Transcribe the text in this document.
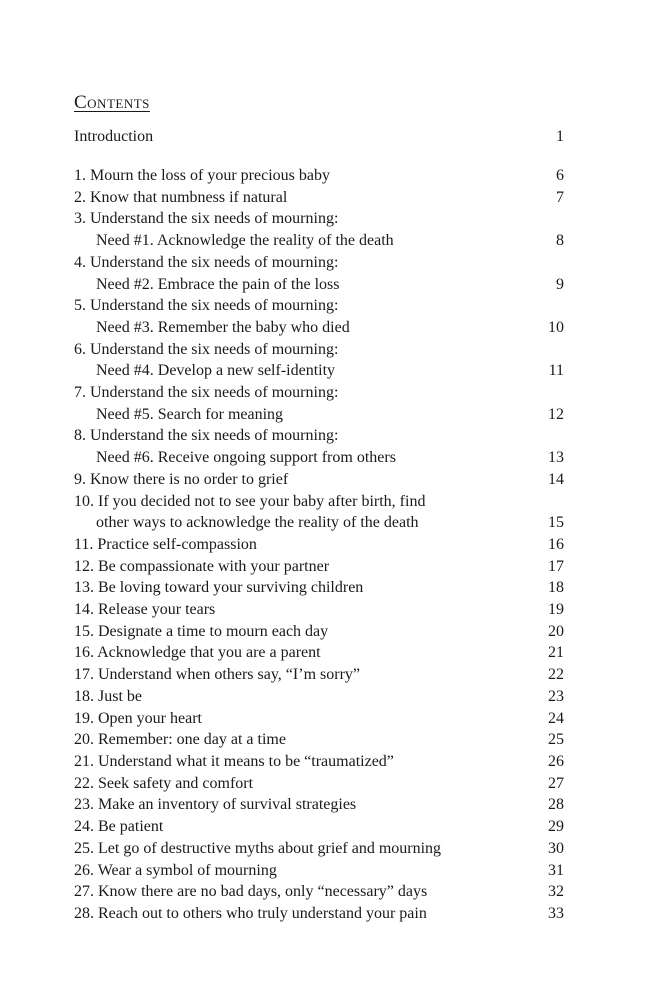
Contents
Introduction	1
1. Mourn the loss of your precious baby	6
2. Know that numbness if natural	7
3. Understand the six needs of mourning:
Need #1. Acknowledge the reality of the death	8
4. Understand the six needs of mourning:
Need #2. Embrace the pain of the loss	9
5. Understand the six needs of mourning:
Need #3. Remember the baby who died	10
6. Understand the six needs of mourning:
Need #4. Develop a new self-identity	11
7. Understand the six needs of mourning:
Need #5. Search for meaning	12
8. Understand the six needs of mourning:
Need #6. Receive ongoing support from others	13
9. Know there is no order to grief	14
10. If you decided not to see your baby after birth, find
other ways to acknowledge the reality of the death	15
11. Practice self-compassion	16
12. Be compassionate with your partner	17
13. Be loving toward your surviving children	18
14. Release your tears	19
15. Designate a time to mourn each day	20
16. Acknowledge that you are a parent	21
17. Understand when others say, “I’m sorry”	22
18. Just be	23
19. Open your heart	24
20. Remember: one day at a time	25
21. Understand what it means to be “traumatized”	26
22. Seek safety and comfort	27
23. Make an inventory of survival strategies	28
24. Be patient	29
25. Let go of destructive myths about grief and mourning	30
26. Wear a symbol of mourning	31
27. Know there are no bad days, only “necessary” days	32
28. Reach out to others who truly understand your pain	33
